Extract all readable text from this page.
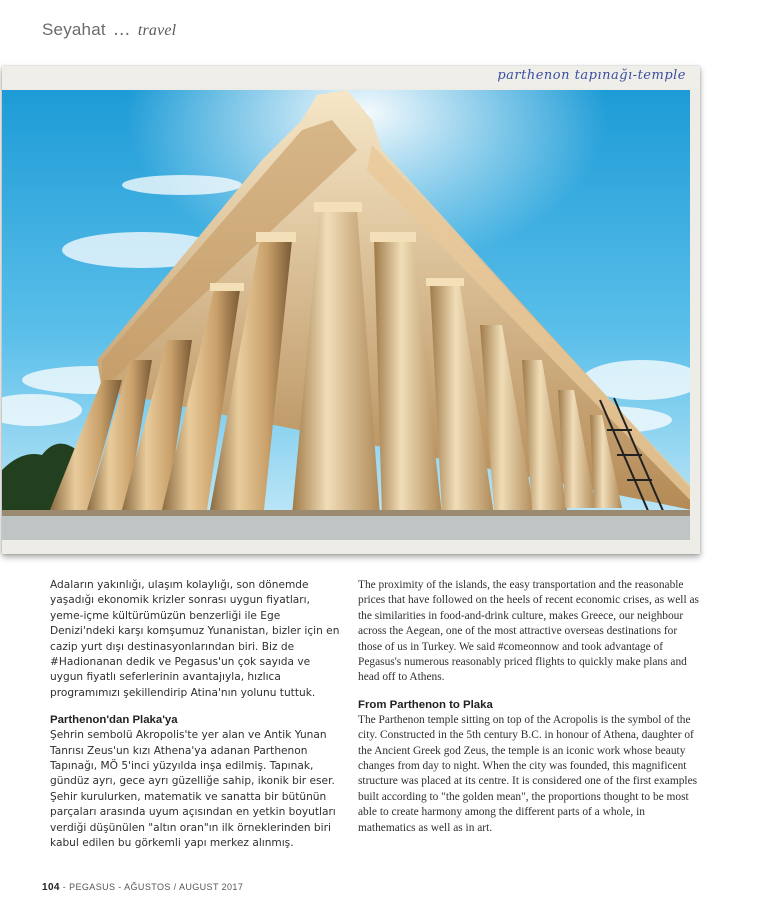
Seyahat ... travel
parthenon tapınağı-temple

Adaların yakınlığı, ulaşım kolaylığı, son dönemde yaşadığı ekonomik krizler sonrası uygun fiyatları, yeme-içme kültürümüzün benzerliği ile Ege Denizi'ndeki karşı komşumuz Yunanistan, bizler için en cazip yurt dışı destinasyonlarından biri. Biz de #Hadionanan dedik ve Pegasus'un çok sayıda ve uygun fiyatlı seferlerinin avantajıyla, hızlıca programımızı şekillendirip Atina'nın yolunu tuttuk.

Parthenon'dan Plaka'ya

Şehrin sembolü Akropolis'te yer alan ve Antik Yunan Tanrısı Zeus'un kızı Athena'ya adanan Parthenon Tapınağı, MÖ 5'inci yüzyılda inşa edilmiş. Tapınak, gündüz ayrı, gece ayrı güzelliğe sahip, ikonik bir eser. Şehir kurulurken, matematik ve sanatta bir bütünün parçaları arasında uyum açısından en yetkin boyutları verdiği düşünülen "altın oran"ın ilk örneklerinden biri kabul edilen bu görkemli yapı merkez alınmış.

The proximity of the islands, the easy transportation and the reasonable prices that have followed on the heels of recent economic crises, as well as the similarities in food-and-drink culture, makes Greece, our neighbour across the Aegean, one of the most attractive overseas destinations for those of us in Turkey. We said #comeonnow and took advantage of Pegasus's numerous reasonably priced flights to quickly make plans and head off to Athens.

From Parthenon to Plaka

The Parthenon temple sitting on top of the Acropolis is the symbol of the city. Constructed in the 5th century B.C. in honour of Athena, daughter of the Ancient Greek god Zeus, the temple is an iconic work whose beauty changes from day to night. When the city was founded, this magnificent structure was placed at its centre. It is considered one of the first examples built according to "the golden mean", the proportions thought to be most able to create harmony among the different parts of a whole, in mathematics as well as in art.

104 - PEGASUS - AĞUSTOS / AUGUST 2017
